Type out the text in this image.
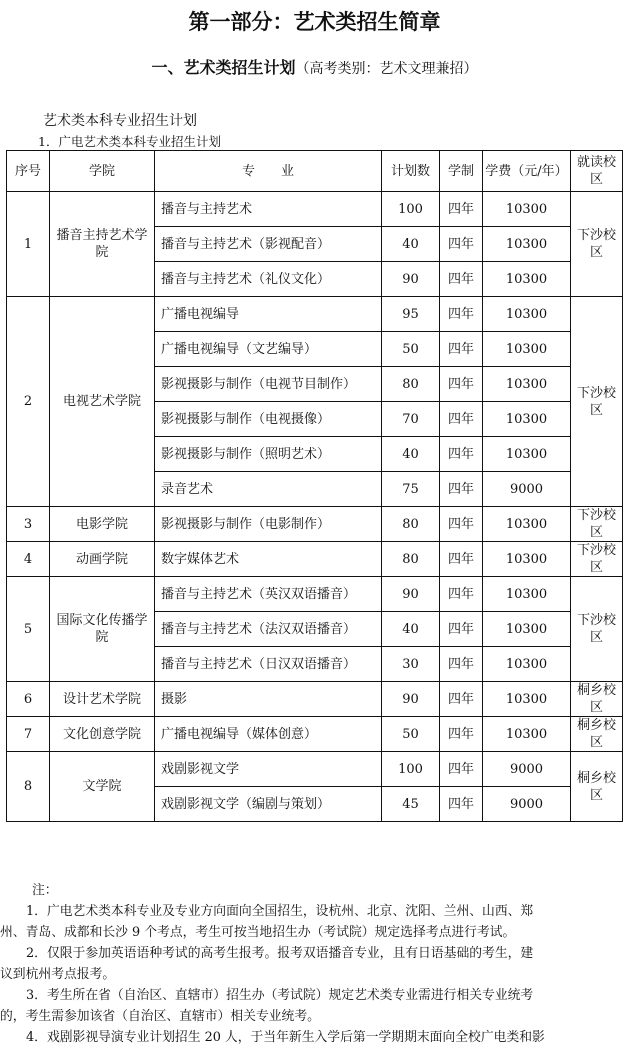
第一部分：艺术类招生简章
一、艺术类招生计划（高考类别：艺术文理兼招）
艺术类本科专业招生计划
1．广电艺术类本科专业招生计划
序号	学院	专　　业	计划数	学制	学费（元/年）	就读校区
1	播音主持艺术学院	播音与主持艺术	100	四年	10300	下沙校区
		播音与主持艺术（影视配音）	40	四年	10300	
		播音与主持艺术（礼仪文化）	90	四年	10300	
2	电视艺术学院	广播电视编导	95	四年	10300	下沙校区
		广播电视编导（文艺编导）	50	四年	10300	
		影视摄影与制作（电视节目制作）	80	四年	10300	
		影视摄影与制作（电视摄像）	70	四年	10300	
		影视摄影与制作（照明艺术）	40	四年	10300	
		录音艺术	75	四年	9000	
3	电影学院	影视摄影与制作（电影制作）	80	四年	10300	下沙校区
4	动画学院	数字媒体艺术	80	四年	10300	下沙校区
5	国际文化传播学院	播音与主持艺术（英汉双语播音）	90	四年	10300	下沙校区
		播音与主持艺术（法汉双语播音）	40	四年	10300	
		播音与主持艺术（日汉双语播音）	30	四年	10300	
6	设计艺术学院	摄影	90	四年	10300	桐乡校区
7	文化创意学院	广播电视编导（媒体创意）	50	四年	10300	桐乡校区
8	文学院	戏剧影视文学	100	四年	9000	桐乡校区
		戏剧影视文学（编剧与策划）	45	四年	9000	

注：

1．广电艺术类本科专业及专业方向面向全国招生，设杭州、北京、沈阳、兰州、山西、郑

州、青岛、成都和长沙 9 个考点，考生可按当地招生办（考试院）规定选择考点进行考试。

2．仅限于参加英语语种考试的高考生报考。报考双语播音专业，且有日语基础的考生，建

议到杭州考点报考。

3．考生所在省（自治区、直辖市）招生办（考试院）规定艺术类专业需进行相关专业统考

的，考生需参加该省（自治区、直辖市）相关专业统考。

4．戏剧影视导演专业计划招生 20 人，于当年新生入学后第一学期期末面向全校广电类和影
